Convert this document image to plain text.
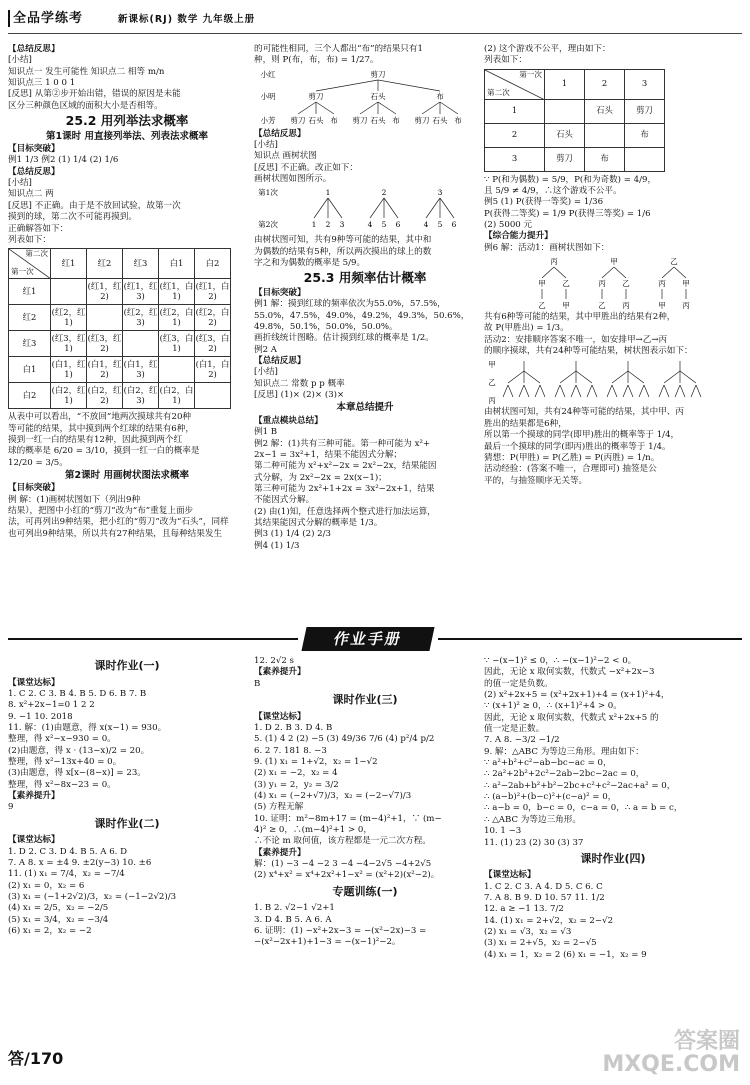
全品学练考	新课标(RJ) 数学 九年级上册
【总结反思】
[小结]
知识点一 发生可能性 知识点二 相等 m/n
知识点三 1 0 0 1
[反思] 从第②步开始出错，错误的原因是未能
区分三种颜色区域的面积大小是否相等。
25.2 用列举法求概率
第1课时 用直接列举法、列表法求概率
【目标突破】
例1 1/3 例2 (1) 1/4 (2) 1/6
【总结反思】
[小结]
知识点二 两
[反思] 不正确。由于是不放回试验，故第一次
摸到的球，第二次不可能再摸到。
正确解答如下：
列表如下：
第二次
第一次	红1	红2	红3	白1	白2
红1		(红1，红2)	(红1，红3)	(红1，白1)	(红1，白2)
红2	(红2，红1)		(红2，红3)	(红2，白1)	(红2，白2)
红3	(红3，红1)	(红3，红2)		(红3，白1)	(红3，白2)
白1	(白1，红1)	(白1，红2)	(白1，红3)		(白1，白2)
白2	(白2，红1)	(白2，红2)	(白2，红3)	(白2，白1)	
从表中可以看出，“不放回”地两次摸球共有20种
等可能的结果，其中摸到两个红球的结果有6种，
摸到一红一白的结果有12种，因此摸到两个红
球的概率是 6/20 = 3/10，摸到一红一白的概率是
12/20 = 3/5。
第2课时 用画树状图法求概率
【目标突破】
例 解：(1)画树状图如下（列出9种
结果），把图中小红的“剪刀”改为“布”重复上面步
法，可再列出9种结果，把小红的“剪刀”改为“石头”，同样
也可列出9种结果，所以共有27种结果，且每种结果发生
的可能性相同，三个人都出“布”的结果只有1
种，则 P(布，布，布) = 1/27。
小红
小明
小芳
剪刀
剪刀
剪刀 石头 布
石头
剪刀 石头 布
布
剪刀 石头 布
【总结反思】
[小结]
知识点 画树状图
[反思] 不正确。改正如下：
画树状图如图所示。
第1次
第2次
1
1 2 3
2
4 5 6
3
4 5 6
由树状图可知，共有9种等可能的结果，其中和
为偶数的结果有5种，所以两次摸出的球上的数
字之和为偶数的概率是 5/9。
25.3 用频率估计概率
【目标突破】
例1 解：摸到红球的频率依次为55.0%，57.5%，
55.0%，47.5%，49.0%，49.2%，49.3%，50.6%，
49.8%，50.1%，50.0%，50.0%。
画折线统计图略。估计摸到红球的概率是 1/2。
例2 A
【总结反思】
[小结]
知识点二 常数 p p 概率
[反思] (1)× (2)× (3)×
本章总结提升
【重点模块总结】
例1 B
例2 解：(1)共有三种可能。第一种可能为 x²+
2x−1 = 3x²+1，结果不能因式分解；
第二种可能为 x²+x²−2x = 2x²−2x，结果能因
式分解，为 2x²−2x = 2x(x−1)；
第三种可能为 2x²+1+2x = 3x²−2x+1，结果
不能因式分解。
(2) 由(1)知，任意选择两个整式进行加法运算，
其结果能因式分解的概率是 1/3。
例3 (1) 1/4 (2) 2/3
例4 (1) 1/3
(2) 这个游戏不公平，理由如下：
列表如下：
第一次
第二次	1	2	3
1		石头	剪刀
2	石头		布
3	剪刀	布	
∵ P(和为偶数) = 5/9，P(和为奇数) = 4/9，
且 5/9 ≠ 4/9，∴这个游戏不公平。
例5 (1) P(获得一等奖) = 1/36
P(获得二等奖) = 1/9 P(获得三等奖) = 1/6
(2) 5000 元
【综合能力提升】
例6 解：活动1：画树状图如下：
丙
甲
乙
乙
甲
甲
丙
乙
乙
丙
乙
丙
甲
甲
丙
共有6种等可能的结果，其中甲胜出的结果有2种，
故 P(甲胜出) = 1/3。
活动2：安排顺序答案不唯一，如安排甲→乙→丙
的顺序摸球，共有24种等可能结果，树状图表示如下：
甲
乙
丙
由树状图可知，共有24种等可能的结果，其中甲、丙
胜出的结果都是6种，
所以第一个摸球的同学(即甲)胜出的概率等于 1/4，
最后一个摸球的同学(即丙)胜出的概率等于 1/4。
猜想：P(甲胜) = P(乙胜) = P(丙胜) = 1/n。
活动经验：(答案不唯一，合理即可) 抽签是公
平的，与抽签顺序无关等。
作业手册
课时作业(一)
【课堂达标】
1. C 2. C 3. B 4. B 5. D 6. B 7. B
8. x²+2x−1=0 1 2 2
9. −1 10. 2018
11. 解：(1)由题意，得 x(x−1) = 930。
整理，得 x²−x−930 = 0。
(2)由题意，得 x · (13−x)/2 = 20。
整理，得 x²−13x+40 = 0。
(3)由题意，得 x[x−(8−x)] = 23。
整理，得 x²−8x−23 = 0。
【素养提升】
9
课时作业(二)
【课堂达标】
1. D 2. C 3. D 4. B 5. A 6. D
7. A 8. x = ±4 9. ±2(y−3) 10. ±6
11. (1) x₁ = 7/4，x₂ = −7/4
(2) x₁ = 0，x₂ = 6
(3) x₁ = (−1+2√2)/3，x₂ = (−1−2√2)/3
(4) x₁ = 2/5，x₂ = −2/5
(5) x₁ = 3/4，x₂ = −3/4
(6) x₁ = 2，x₂ = −2
12. 2√2 s
【素养提升】
B
课时作业(三)
【课堂达标】
1. D 2. B 3. D 4. B
5. (1) 4 2 (2) −5 (3) 49/36 7/6 (4) p²/4 p/2
6. 2 7. 181 8. −3
9. (1) x₁ = 1+√2，x₂ = 1−√2
(2) x₁ = −2，x₂ = 4
(3) y₁ = 2，y₂ = 3/2
(4) x₁ = (−2+√7)/3，x₂ = (−2−√7)/3
(5) 方程无解
10. 证明：m²−8m+17 = (m−4)²+1，∵ (m−
4)² ≥ 0，∴(m−4)²+1 > 0，
∴不论 m 取何值，该方程都是一元二次方程。
【素养提升】
解：(1) −3 −4 −2 3 −4 −4−2√5 −4+2√5
(2) x⁴+x² = x⁴+2x²+1−x² = (x²+2)(x²−2)。
专题训练(一)
1. B 2. √2−1 √2+1
3. D 4. B 5. A 6. A
6. 证明：(1) −x²+2x−3 = −(x²−2x)−3 =
−(x²−2x+1)+1−3 = −(x−1)²−2。
∵ −(x−1)² ≤ 0，∴ −(x−1)²−2 < 0。
因此，无论 x 取何实数，代数式 −x²+2x−3
的值一定是负数。
(2) x²+2x+5 = (x²+2x+1)+4 = (x+1)²+4，
∵ (x+1)² ≥ 0，∴ (x+1)²+4 > 0。
因此，无论 x 取何实数，代数式 x²+2x+5 的
值一定是正数。
7. A 8. −3/2 −1/2
9. 解：△ABC 为等边三角形。理由如下：
∵ a²+b²+c²−ab−bc−ac = 0，
∴ 2a²+2b²+2c²−2ab−2bc−2ac = 0，
∴ a²−2ab+b²+b²−2bc+c²+c²−2ac+a² = 0，
∴ (a−b)²+(b−c)²+(c−a)² = 0，
∴ a−b = 0，b−c = 0，c−a = 0，∴ a = b = c，
∴ △ABC 为等边三角形。
10. 1 −3
11. (1) 23 (2) 30 (3) 37
课时作业(四)
【课堂达标】
1. C 2. C 3. A 4. D 5. C 6. C
7. A 8. B 9. D 10. 57 11. 1/2
12. a ≥ −1 13. 7/2
14. (1) x₁ = 2+√2，x₂ = 2−√2
(2) x₁ = √3，x₂ = √3
(3) x₁ = 2+√5，x₂ = 2−√5
(4) x₁ = 1，x₂ = 2 (6) x₁ = −1，x₂ = 9
答/170
答案圈
MXQE.COM
